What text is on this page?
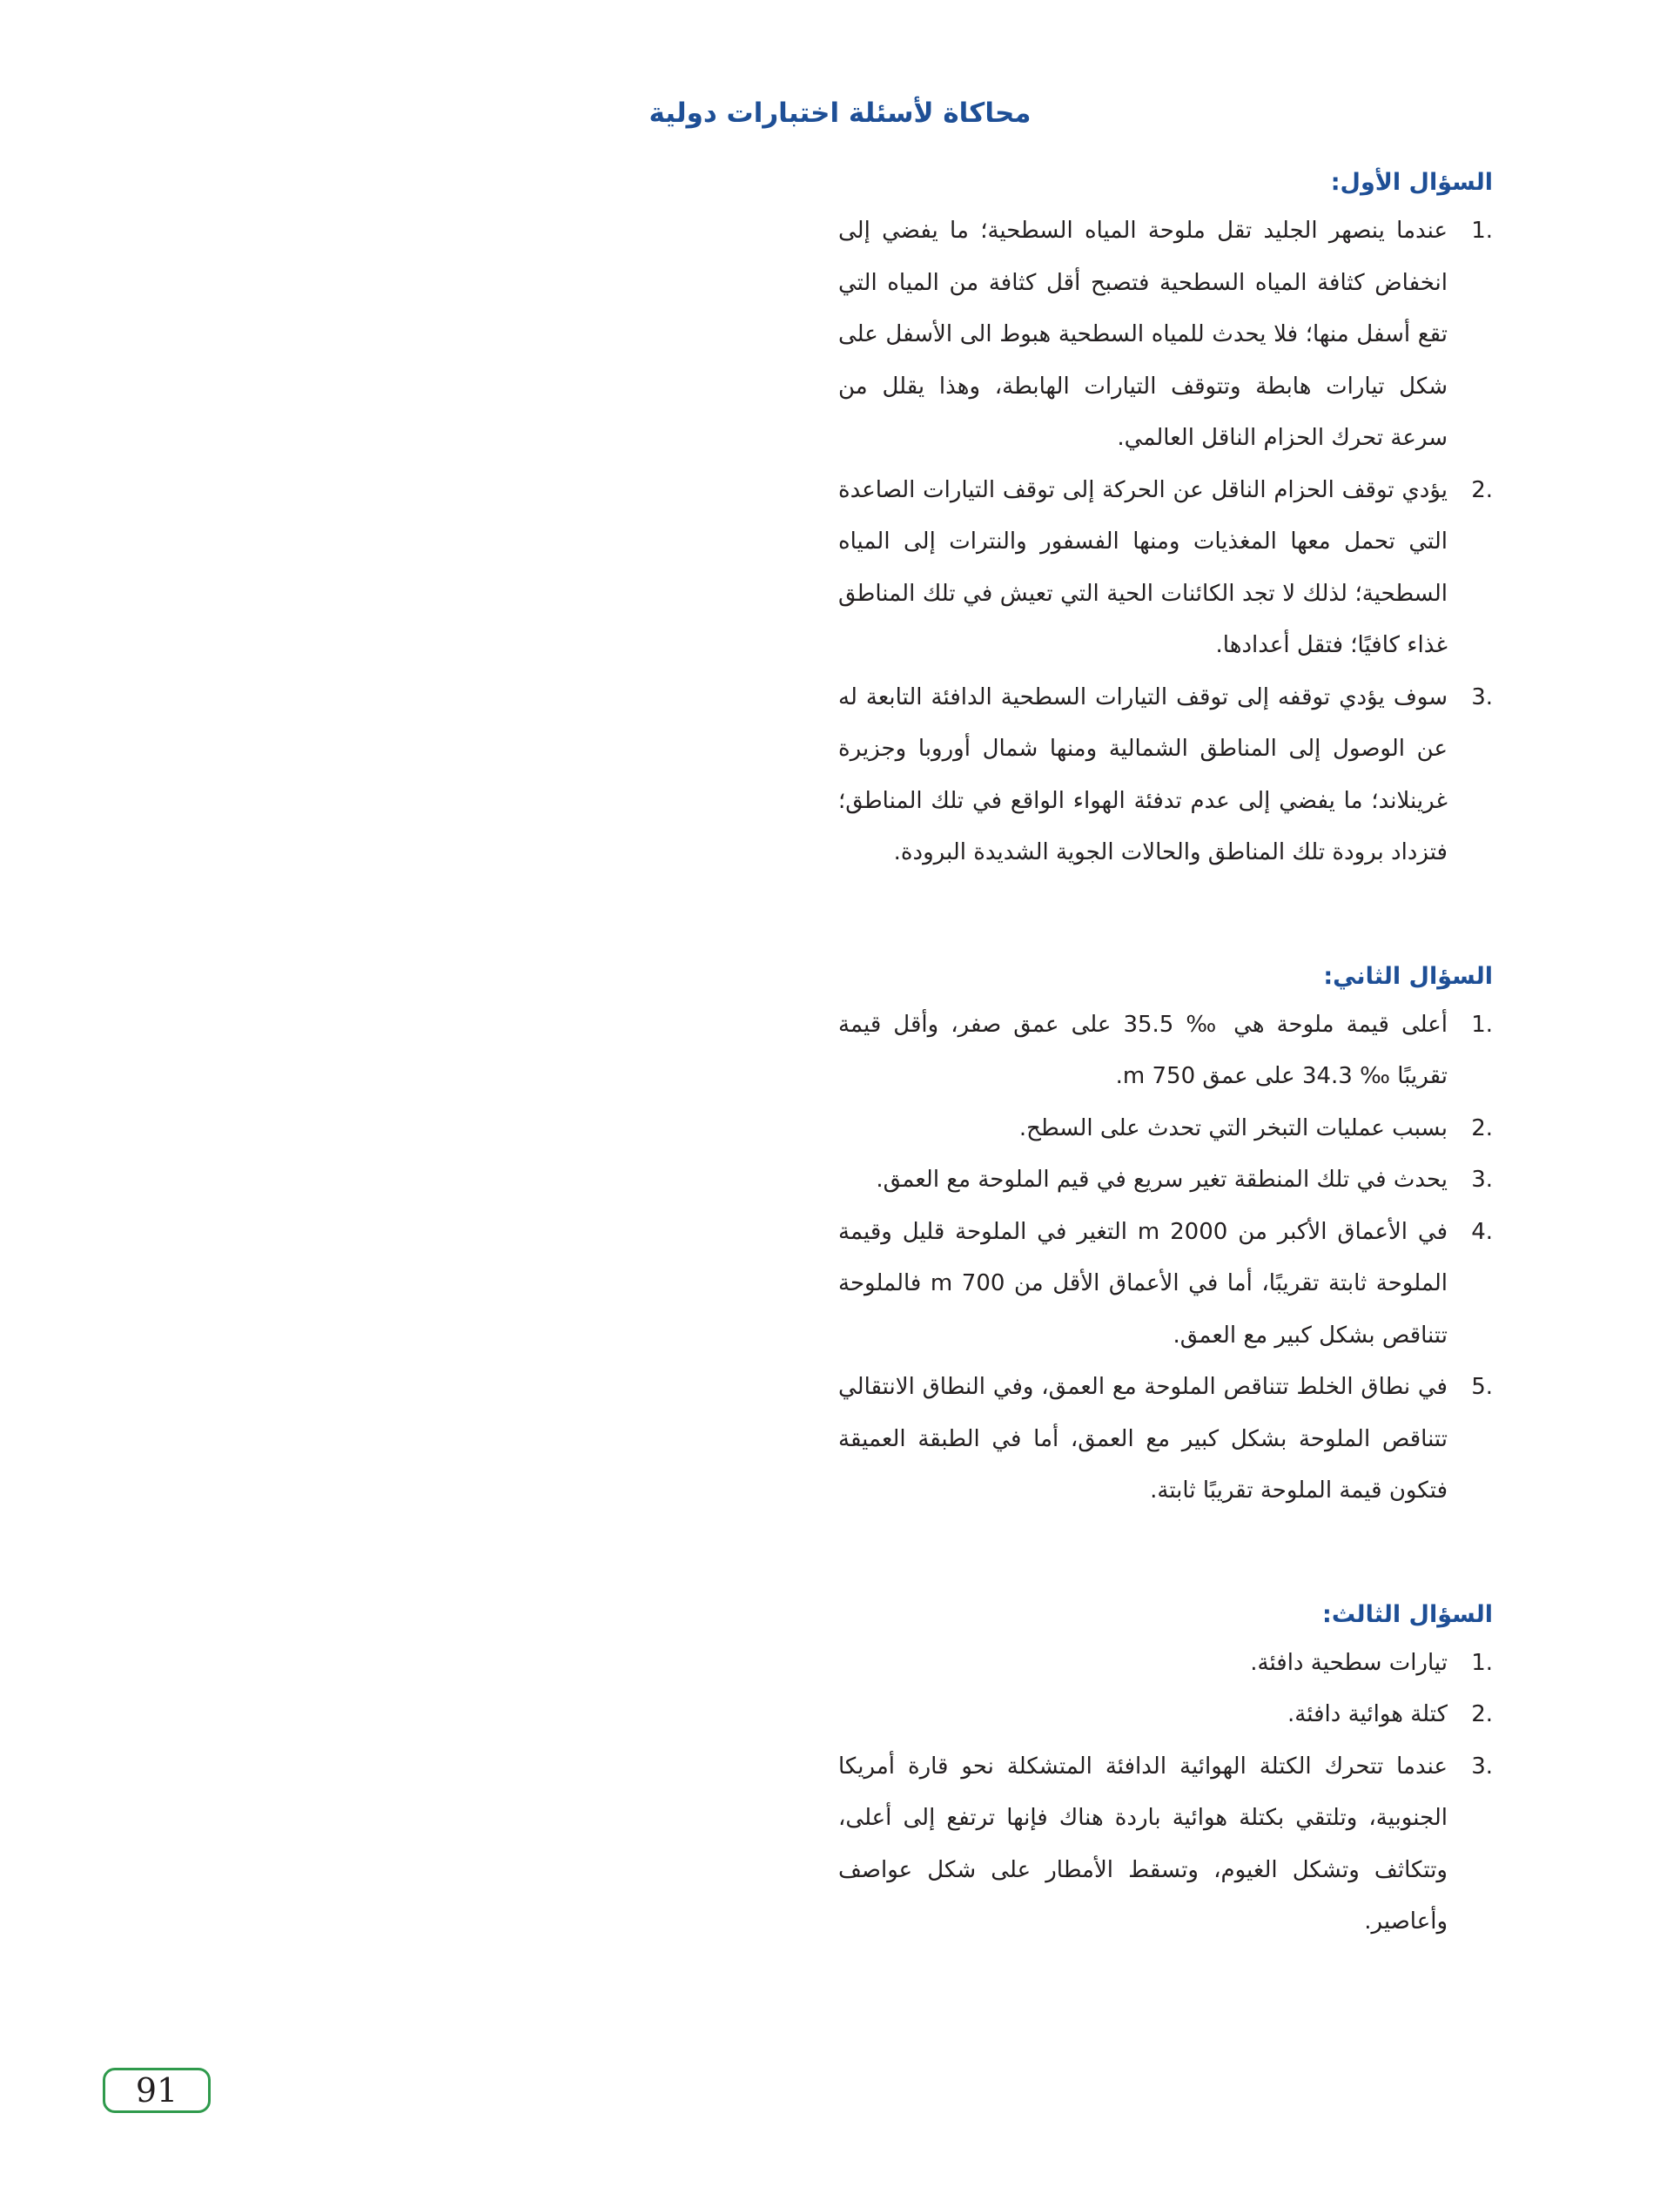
محاكاة لأسئلة اختبارات دولية
السؤال الأول:
.1
عندما ينصهر الجليد تقل ملوحة المياه السطحية؛ ما يفضي إلى انخفاض كثافة المياه السطحية فتصبح أقل كثافة من المياه التي تقع أسفل منها؛ فلا يحدث للمياه السطحية هبوط الى الأسفل على شكل تيارات هابطة وتتوقف التيارات الهابطة، وهذا يقلل من سرعة تحرك الحزام الناقل العالمي.
.2
يؤدي توقف الحزام الناقل عن الحركة إلى توقف التيارات الصاعدة التي تحمل معها المغذيات ومنها الفسفور والنترات إلى المياه السطحية؛ لذلك لا تجد الكائنات الحية التي تعيش في تلك المناطق غذاء كافيًا؛ فتقل أعدادها.
.3
سوف يؤدي توقفه إلى توقف التيارات السطحية الدافئة التابعة له عن الوصول إلى المناطق الشمالية ومنها شمال أوروبا وجزيرة غرينلاند؛ ما يفضي إلى عدم تدفئة الهواء الواقع في تلك المناطق؛ فتزداد برودة تلك المناطق والحالات الجوية الشديدة البرودة.
السؤال الثاني:
.1
أعلى قيمة ملوحة هي ‰ 35.5 على عمق صفر، وأقل قيمة تقريبًا ‰ 34.3 على عمق 750 m.
.2
بسبب عمليات التبخر التي تحدث على السطح.
.3
يحدث في تلك المنطقة تغير سريع في قيم الملوحة مع العمق.
.4
في الأعماق الأكبر من 2000 m التغير في الملوحة قليل وقيمة الملوحة ثابتة تقريبًا، أما في الأعماق الأقل من 700 m فالملوحة تتناقص بشكل كبير مع العمق.
.5
في نطاق الخلط تتناقص الملوحة مع العمق، وفي النطاق الانتقالي تتناقص الملوحة بشكل كبير مع العمق، أما في الطبقة العميقة فتكون قيمة الملوحة تقريبًا ثابتة.
السؤال الثالث:
.1
تيارات سطحية دافئة.
.2
كتلة هوائية دافئة.
.3
عندما تتحرك الكتلة الهوائية الدافئة المتشكلة نحو قارة أمريكا الجنوبية، وتلتقي بكتلة هوائية باردة هناك فإنها ترتفع إلى أعلى، وتتكاثف وتشكل الغيوم، وتسقط الأمطار على شكل عواصف وأعاصير.
91
